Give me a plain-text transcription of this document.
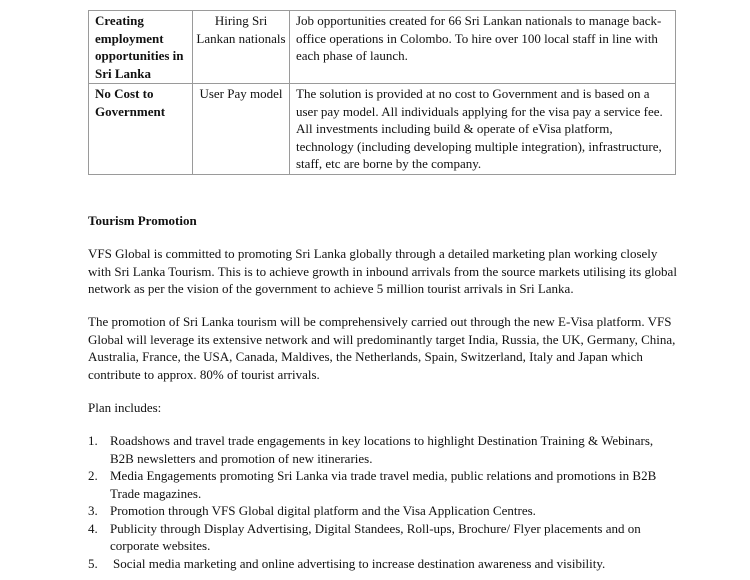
Creating employment opportunities in Sri Lanka	Hiring Sri Lankan nationals	Job opportunities created for 66 Sri Lankan nationals to manage back-office operations in Colombo. To hire over 100 local staff in line with each phase of launch.
No Cost to Government	User Pay model	The solution is provided at no cost to Government and is based on a user pay model. All individuals applying for the visa pay a service fee. All investments including build & operate of eVisa platform, technology (including developing multiple integration), infrastructure, staff, etc are borne by the company.
Tourism Promotion

VFS Global is committed to promoting Sri Lanka globally through a detailed marketing plan working closely with Sri Lanka Tourism. This is to achieve growth in inbound arrivals from the source markets utilising its global network as per the vision of the government to achieve 5 million tourist arrivals in Sri Lanka.

The promotion of Sri Lanka tourism will be comprehensively carried out through the new E-Visa platform. VFS Global will leverage its extensive network and will predominantly target India, Russia, the UK, Germany, China, Australia, France, the USA, Canada, Maldives, the Netherlands, Spain, Switzerland, Italy and Japan which contribute to approx. 80% of tourist arrivals.

Plan includes:
1. Roadshows and travel trade engagements in key locations to highlight Destination Training & Webinars, B2B newsletters and promotion of new itineraries.
2. Media Engagements promoting Sri Lanka via trade travel media, public relations and promotions in B2B Trade magazines.
3. Promotion through VFS Global digital platform and the Visa Application Centres.
4. Publicity through Display Advertising, Digital Standees, Roll-ups, Brochure/ Flyer placements and on corporate websites.
5. Social media marketing and online advertising to increase destination awareness and visibility.
